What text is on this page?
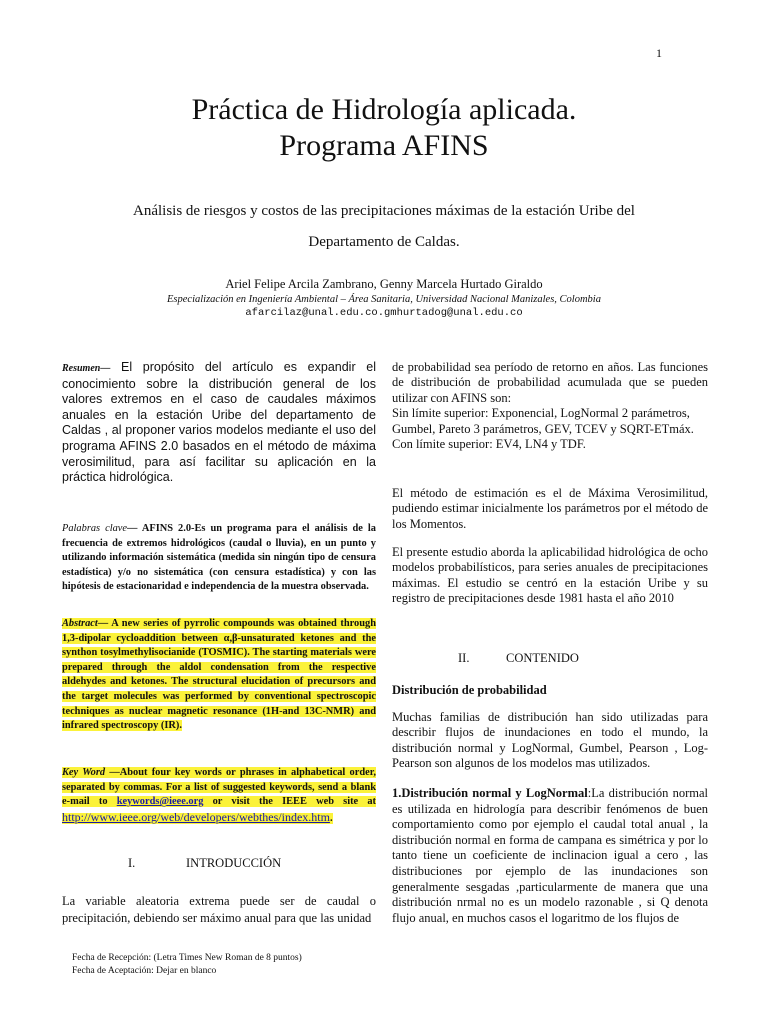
1
Práctica de Hidrología aplicada.
Programa AFINS
Análisis de riesgos y costos de las precipitaciones máximas de la estación Uribe del Departamento de Caldas.
Ariel Felipe Arcila Zambrano, Genny Marcela Hurtado Giraldo
Especialización en Ingeniería Ambiental – Área Sanitaria, Universidad Nacional Manizales, Colombia
afarcilaz@unal.edu.co.gmhurtadog@unal.edu.co

Resumen— El propósito del artículo es expandir el conocimiento sobre la distribución general de los valores extremos en el caso de caudales máximos anuales en la estación Uribe del departamento de Caldas , al proponer varios modelos mediante el uso del programa AFINS 2.0 basados en el método de máxima verosimilitud, para así facilitar su aplicación en la práctica hidrológica.

Palabras clave— AFINS 2.0-Es un programa para el análisis de la frecuencia de extremos hidrológicos (caudal o lluvia), en un punto y utilizando información sistemática (medida sin ningún tipo de censura estadística) y/o no sistemática (con censura estadística) y con las hipótesis de estacionaridad e independencia de la muestra observada.

Abstract— A new series of pyrrolic compounds was obtained through 1,3-dipolar cycloaddition between α,β-unsaturated ketones and the synthon tosylmethylisocianide (TOSMIC). The starting materials were prepared through the aldol condensation from the respective aldehydes and ketones. The structural elucidation of precursors and the target molecules was performed by conventional spectroscopic techniques as nuclear magnetic resonance (1H-and 13C-NMR) and infrared spectroscopy (IR).

Key Word —About four key words or phrases in alphabetical order, separated by commas. For a list of suggested keywords, send a blank e-mail to keywords@ieee.org or visit the IEEE web site at http://www.ieee.org/web/developers/webthes/index.htm.

I.	INTRODUCCIÓN

La variable aleatoria extrema puede ser de caudal o precipitación, debiendo ser máximo anual para que las unidad

Fecha de Recepción: (Letra Times New Roman de 8 puntos)
Fecha de Aceptación: Dejar en blanco

de probabilidad sea período de retorno en años. Las funciones de distribución de probabilidad acumulada que se pueden utilizar con AFINS son:

Sin límite superior: Exponencial, LogNormal 2 parámetros, Gumbel, Pareto 3 parámetros, GEV, TCEV y SQRT-ETmáx.

Con límite superior: EV4, LN4 y TDF.

El método de estimación es el de Máxima Verosimilitud, pudiendo estimar inicialmente los parámetros por el método de los Momentos.

El presente estudio aborda la aplicabilidad hidrológica de ocho modelos probabilísticos, para series anuales de precipitaciones máximas. El estudio se centró en la estación Uribe y su registro de precipitaciones desde 1981 hasta el año 2010

II.	CONTENIDO
Distribución de probabilidad

Muchas familias de distribución han sido utilizadas para describir flujos de inundaciones en todo el mundo, la distribución normal y LogNormal, Gumbel, Pearson , Log-Pearson son algunos de los modelos mas utilizados.

1.Distribución normal y LogNormal:La distribución normal es utilizada en hidrología para describir fenómenos de buen comportamiento como por ejemplo el caudal total anual , la distribución normal en forma de campana es simétrica y por lo tanto tiene un coeficiente de inclinacion igual a cero , las distribuciones por ejemplo de las inundaciones son generalmente sesgadas ,particularmente de manera que una distribución nrmal no es un modelo razonable , si Q denota flujo anual, en muchos casos el logaritmo de los flujos de
